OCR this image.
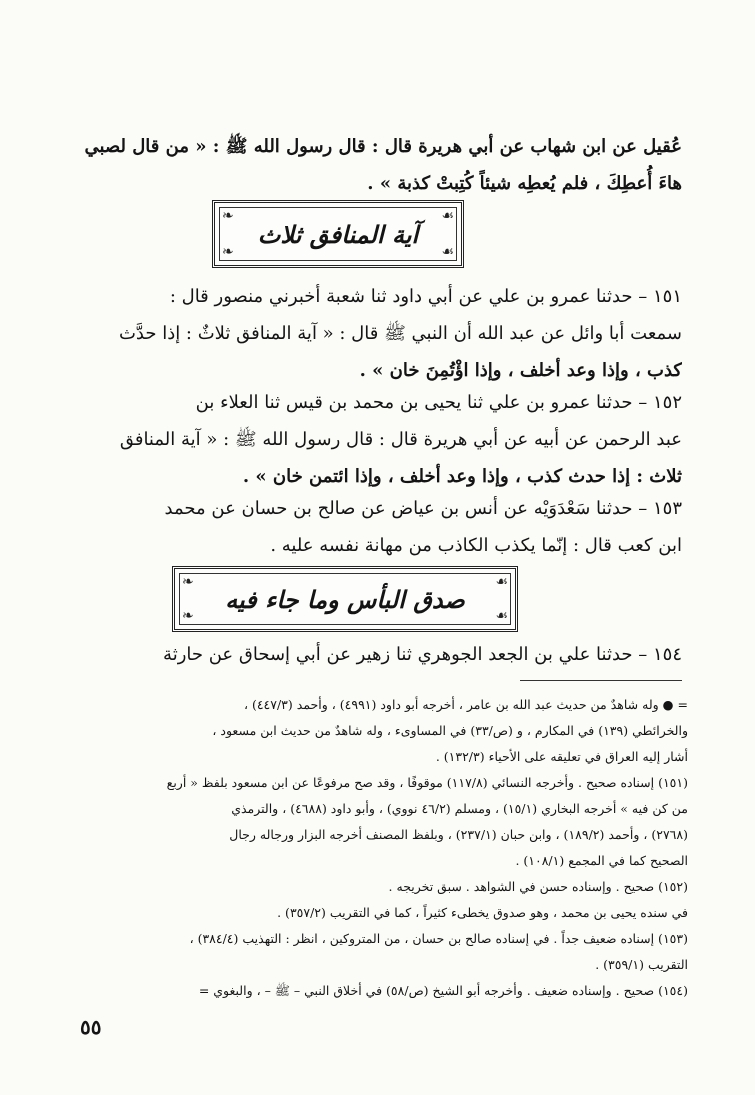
عُقيل عن ابن شهاب عن أبي هريرة قال : قال رسول الله ﷺ : « من قال لصبي
هاءَ أُعطِكَ ، فلم يُعطِه شيئاً كُتِبتْ كذبة » .
❧	☙
❧	☙
آية المنافق ثلاث
١٥١ – حدثنا عمرو بن علي عن أبي داود ثنا شعبة أخبرني منصور قال :
سمعت أبا وائل عن عبد الله أن النبي ﷺ قال : « آية المنافق ثلاثٌ : إذا حدَّث
كذب ، وإذا وعد أخلف ، وإذا اؤْتُمِنَ خان » .
١٥٢ – حدثنا عمرو بن علي ثنا يحيى بن محمد بن قيس ثنا العلاء بن
عبد الرحمن عن أبيه عن أبي هريرة قال : قال رسول الله ﷺ : « آية المنافق
ثلاث : إذا حدث كذب ، وإذا وعد أخلف ، وإذا ائتمن خان » .
١٥٣ – حدثنا سَعْدَوَيْه عن أنس بن عياض عن صالح بن حسان عن محمد
ابن كعب قال : إنّما يكذب الكاذب من مهانة نفسه عليه .
❧	☙
❧	☙
صدق البأس وما جاء فيه
١٥٤ – حدثنا علي بن الجعد الجوهري ثنا زهير عن أبي إسحاق عن حارثة
= ● وله شاهدٌ من حديث عبد الله بن عامر ، أخرجه أبو داود (٤٩٩١) ، وأحمد (٤٤٧/٣) ،
والخرائطي (١٣٩) في المكارم ، و (ص/٣٣) في المساوىء ، وله شاهدٌ من حديث ابن مسعود ،
أشار إليه العراق في تعليقه على الأحياء (١٣٢/٣) .
(١٥١) إسناده صحيح . وأخرجه النسائي (١١٧/٨) موقوفًا ، وقد صح مرفوعًا عن ابن مسعود بلفظ « أربع
من كن فيه » أخرجه البخاري (١٥/١) ، ومسلم (٤٦/٢ نووي) ، وأبو داود (٤٦٨٨) ، والترمذي
(٢٧٦٨) ، وأحمد (١٨٩/٢) ، وابن حبان (٢٣٧/١) ، وبلفظ المصنف أخرجه البزار ورجاله رجال
الصحيح كما في المجمع (١٠٨/١) .
(١٥٢) صحيح . وإسناده حسن في الشواهد . سبق تخريجه .
في سنده يحيى بن محمد ، وهو صدوق يخطىء كثيراً ، كما في التقريب (٣٥٧/٢) .
(١٥٣) إسناده ضعيف جداً . في إسناده صالح بن حسان ، من المتروكين ، انظر : التهذيب (٣٨٤/٤) ،
التقريب (٣٥٩/١) .
(١٥٤) صحيح . وإسناده ضعيف . وأخرجه أبو الشيخ (ص/٥٨) في أخلاق النبي – ﷺ – ، والبغوي =
٥٥
